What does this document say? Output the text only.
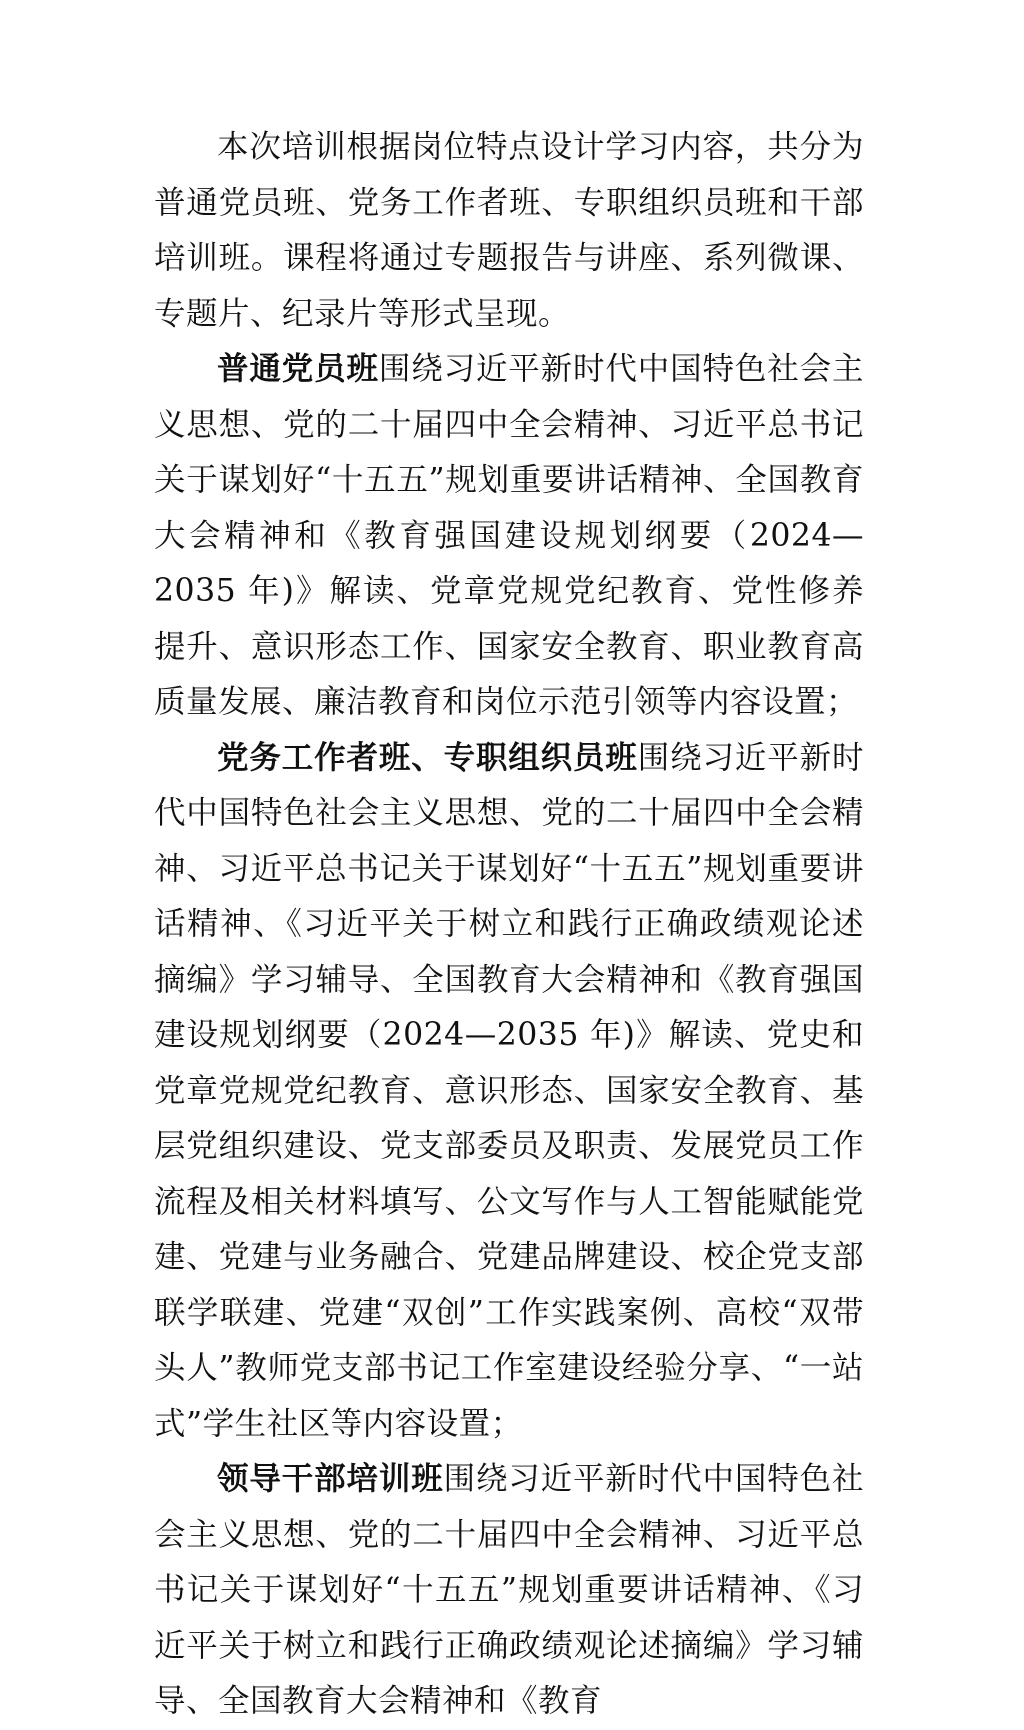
本次培训根据岗位特点设计学习内容，共分为普通党员班、党务工作者班、专职组织员班和干部培训班。课程将通过专题报告与讲座、系列微课、专题片、纪录片等形式呈现。

普通党员班围绕习近平新时代中国特色社会主义思想、党的二十届四中全会精神、习近平总书记关于谋划好“十五五”规划重要讲话精神、全国教育大会精神和《教育强国建设规划纲要（2024—2035 年)》解读、党章党规党纪教育、党性修养提升、意识形态工作、国家安全教育、职业教育高质量发展、廉洁教育和岗位示范引领等内容设置；

党务工作者班、专职组织员班围绕习近平新时代中国特色社会主义思想、党的二十届四中全会精神、习近平总书记关于谋划好“十五五”规划重要讲话精神、《习近平关于树立和践行正确政绩观论述摘编》学习辅导、全国教育大会精神和《教育强国建设规划纲要（2024—2035 年)》解读、党史和党章党规党纪教育、意识形态、国家安全教育、基层党组织建设、党支部委员及职责、发展党员工作流程及相关材料填写、公文写作与人工智能赋能党建、党建与业务融合、党建品牌建设、校企党支部联学联建、党建“双创”工作实践案例、高校“双带头人”教师党支部书记工作室建设经验分享、“一站式”学生社区等内容设置；

领导干部培训班围绕习近平新时代中国特色社会主义思想、党的二十届四中全会精神、习近平总书记关于谋划好“十五五”规划重要讲话精神、《习近平关于树立和践行正确政绩观论述摘编》学习辅导、全国教育大会精神和《教育
